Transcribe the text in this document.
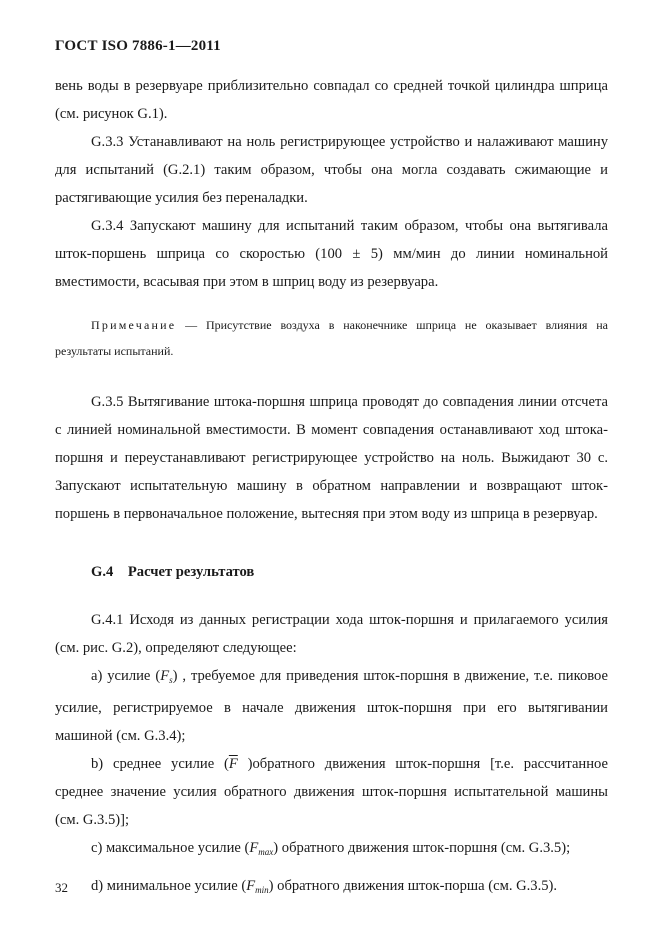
ГОСТ ISO 7886-1—2011

вень воды в резервуаре приблизительно совпадал со средней точкой цилиндра шприца (см. рисунок G.1).

G.3.3 Устанавливают на ноль регистрирующее устройство и налаживают машину для испытаний (G.2.1) таким образом, чтобы она могла создавать сжимающие и растягивающие усилия без переналадки.

G.3.4 Запускают машину для испытаний таким образом, чтобы она вытягивала шток-поршень шприца со скоростью (100 ± 5) мм/мин до линии номинальной вместимости, всасывая при этом в шприц воду из резервуара.

Примечание — Присутствие воздуха в наконечнике шприца не оказывает влияния на результаты испытаний.

G.3.5 Вытягивание штока-поршня шприца проводят до совпадения линии отсчета с линией номинальной вместимости. В момент совпадения останавливают ход штока-поршня и переустанавливают регистрирующее устройство на ноль. Выжидают 30 с. Запускают испытательную машину в обратном направлении и возвращают шток-поршень в первоначальное положение, вытесняя при этом воду из шприца в резервуар.

G.4 Расчет результатов

G.4.1 Исходя из данных регистрации хода шток-поршня и прилагаемого усилия (см. рис. G.2), определяют следующее:

a) усилие $(F_s)$ , требуемое для приведения шток-поршня в движение, т.е. пиковое усилие, регистрируемое в начале движения шток-поршня при его вытягивании машиной (см. G.3.4);

b) среднее усилие ($\overline{F}$ )обратного движения шток-поршня [т.е. рассчитанное среднее значение усилия обратного движения шток-поршня испытательной машины (см. G.3.5)];

c) максимальное усилие $(F_{max})$ обратного движения шток-поршня (см. G.3.5);

d) минимальное усилие $(F_{min})$ обратного движения шток-порша (см. G.3.5).

32
